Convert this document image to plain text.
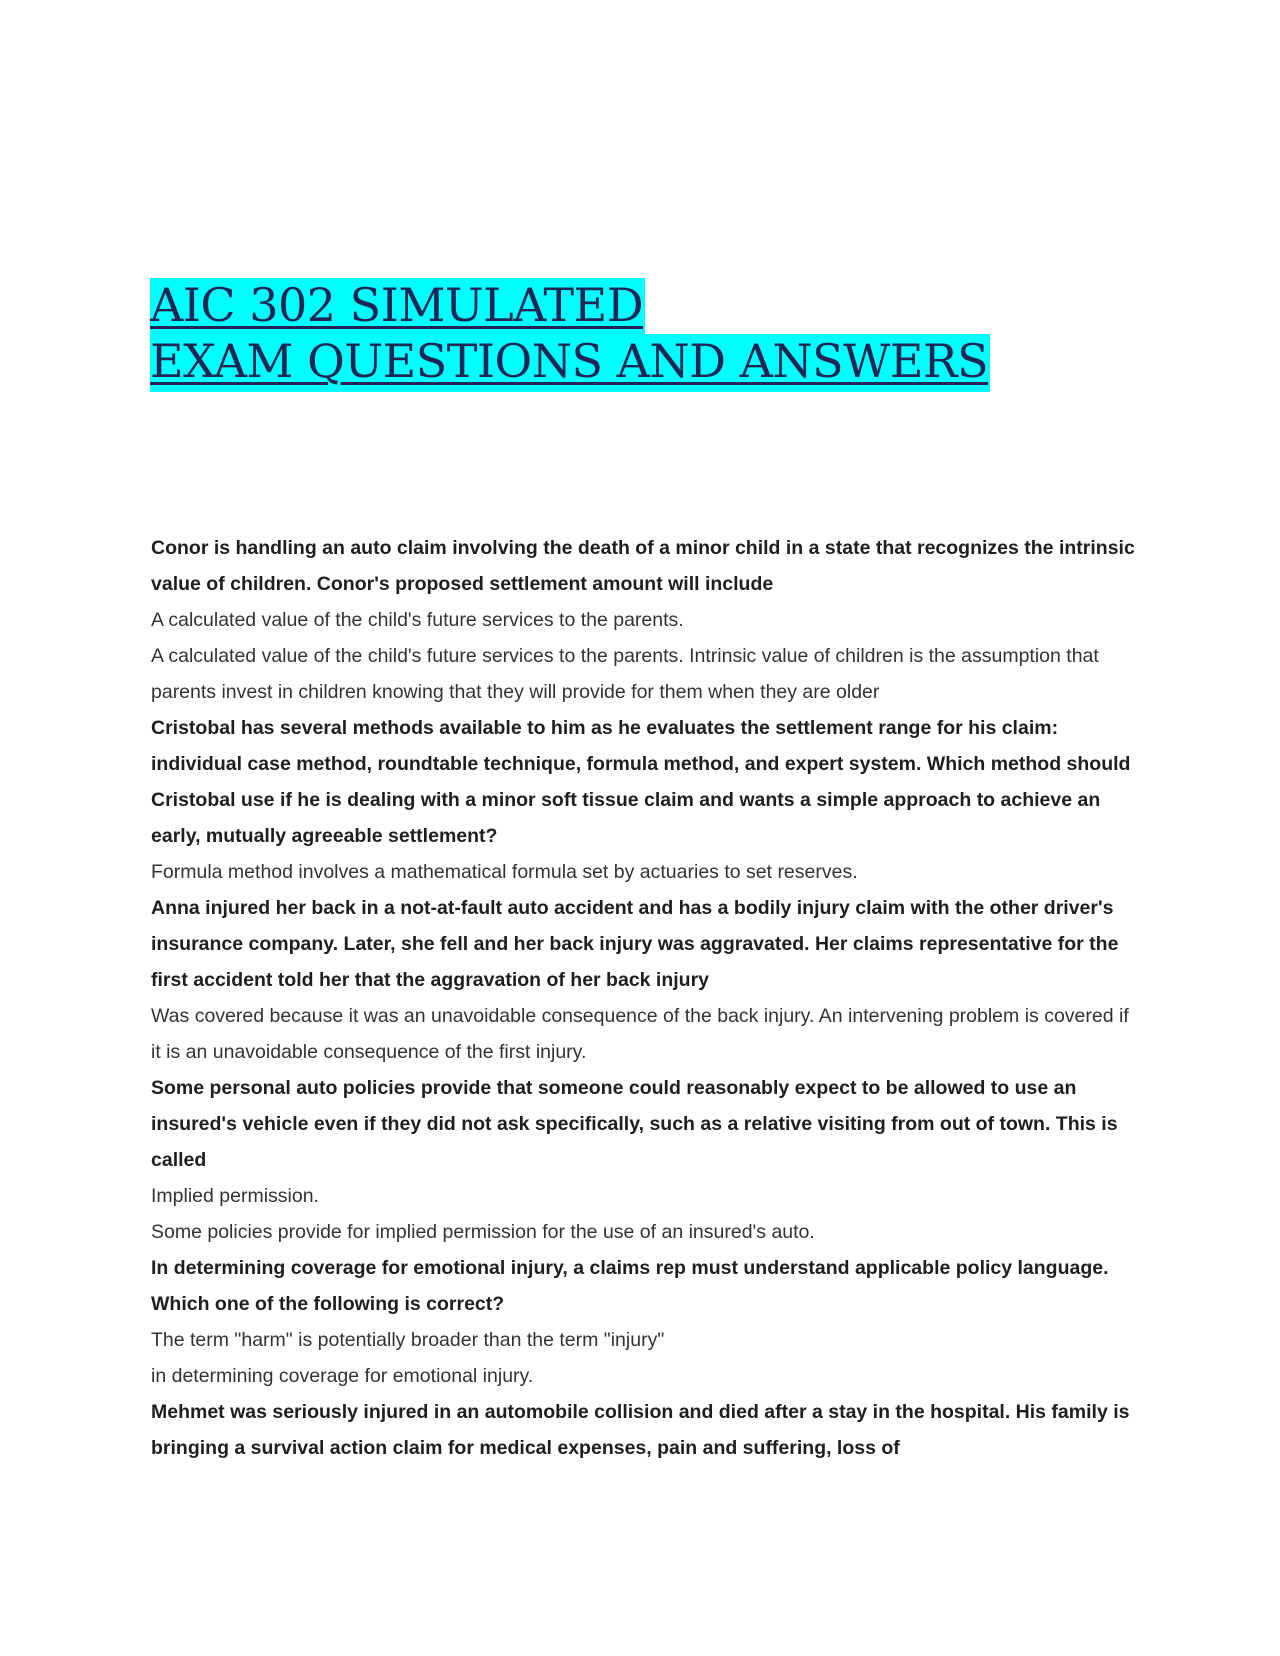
AIC 302 SIMULATED
EXAM QUESTIONS AND ANSWERS

Conor is handling an auto claim involving the death of a minor child in a state that recognizes the intrinsic value of children. Conor's proposed settlement amount will include

A calculated value of the child's future services to the parents.

A calculated value of the child's future services to the parents. Intrinsic value of children is the assumption that parents invest in children knowing that they will provide for them when they are older

Cristobal has several methods available to him as he evaluates the settlement range for his claim: individual case method, roundtable technique, formula method, and expert system. Which method should Cristobal use if he is dealing with a minor soft tissue claim and wants a simple approach to achieve an early, mutually agreeable settlement?

Formula method involves a mathematical formula set by actuaries to set reserves.

Anna injured her back in a not-at-fault auto accident and has a bodily injury claim with the other driver's insurance company. Later, she fell and her back injury was aggravated. Her claims representative for the first accident told her that the aggravation of her back injury

Was covered because it was an unavoidable consequence of the back injury. An intervening problem is covered if it is an unavoidable consequence of the first injury.

Some personal auto policies provide that someone could reasonably expect to be allowed to use an insured's vehicle even if they did not ask specifically, such as a relative visiting from out of town. This is called

Implied permission.

Some policies provide for implied permission for the use of an insured's auto.

In determining coverage for emotional injury, a claims rep must understand applicable policy language.

Which one of the following is correct?

The term "harm" is potentially broader than the term "injury"

in determining coverage for emotional injury.

Mehmet was seriously injured in an automobile collision and died after a stay in the hospital. His family is bringing a survival action claim for medical expenses, pain and suffering, loss of
